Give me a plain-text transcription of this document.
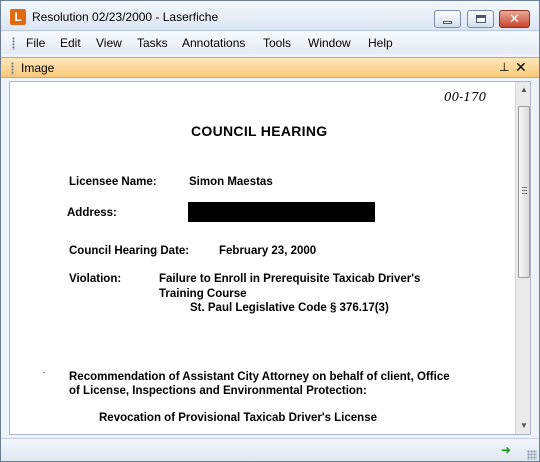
L Resolution 02/23/2000 - Laserfiche	✕
File Edit View Tasks Annotations Tools Window Help
Image	⊥ ✕
00-170
COUNCIL HEARING
Licensee Name:	Simon Maestas
Address:
Council Hearing Date:	February 23, 2000
Violation:	Failure to Enroll in Prerequisite Taxicab Driver's
Training Course
St. Paul Legislative Code § 376.17(3)
Recommendation of Assistant City Attorney on behalf of client, Office
of License, Inspections and Environmental Protection:
Revocation of Provisional Taxicab Driver's License
▲
▼
➜
